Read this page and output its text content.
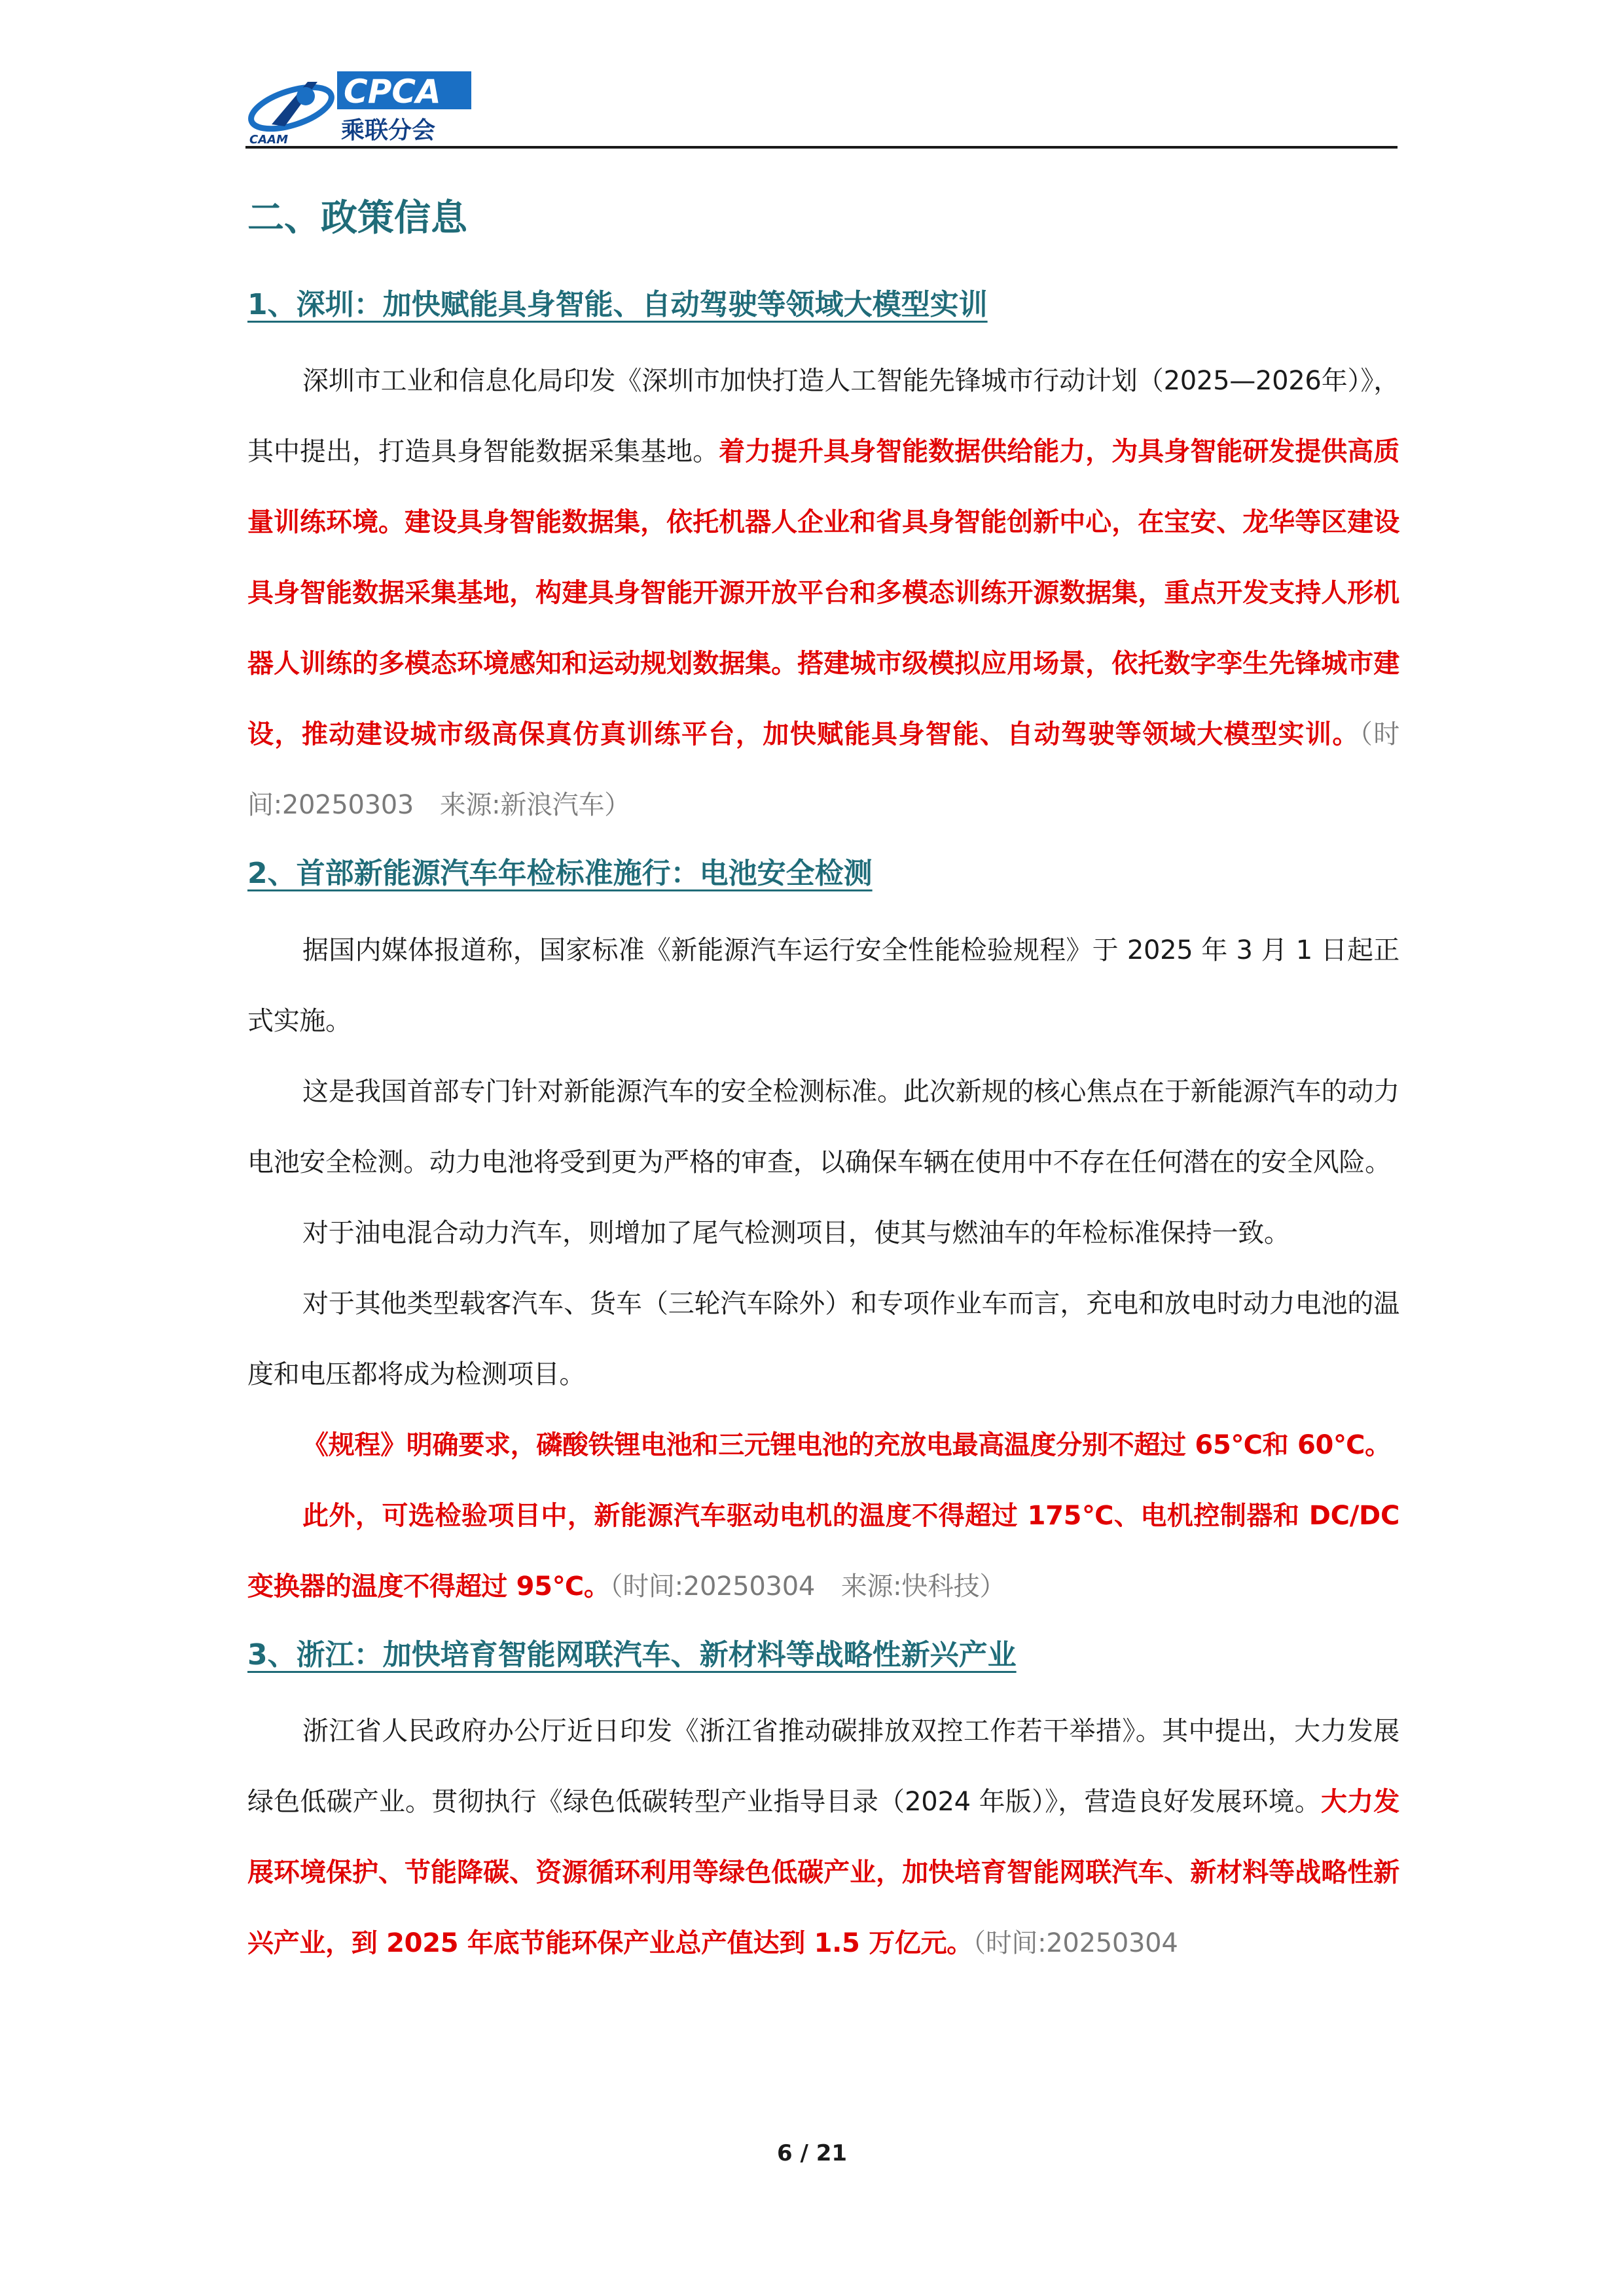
CAAM
CPCA
乘联分会
二、政策信息
1、深圳：加快赋能具身智能、自动驾驶等领域大模型实训

深圳市工业和信息化局印发《深圳市加快打造人工智能先锋城市行动计划（2025—2026年）》，其中提出，打造具身智能数据采集基地。着力提升具身智能数据供给能力，为具身智能研发提供高质量训练环境。建设具身智能数据集，依托机器人企业和省具身智能创新中心，在宝安、龙华等区建设具身智能数据采集基地，构建具身智能开源开放平台和多模态训练开源数据集，重点开发支持人形机器人训练的多模态环境感知和运动规划数据集。搭建城市级模拟应用场景，依托数字孪生先锋城市建设，推动建设城市级高保真仿真训练平台，加快赋能具身智能、自动驾驶等领域大模型实训。（时间:20250303　来源:新浪汽车）

2、首部新能源汽车年检标准施行：电池安全检测

据国内媒体报道称，国家标准《新能源汽车运行安全性能检验规程》于 2025 年 3 月 1 日起正式实施。

这是我国首部专门针对新能源汽车的安全检测标准。此次新规的核心焦点在于新能源汽车的动力电池安全检测。动力电池将受到更为严格的审查，以确保车辆在使用中不存在任何潜在的安全风险。

对于油电混合动力汽车，则增加了尾气检测项目，使其与燃油车的年检标准保持一致。

对于其他类型载客汽车、货车（三轮汽车除外）和专项作业车而言，充电和放电时动力电池的温度和电压都将成为检测项目。

《规程》明确要求，磷酸铁锂电池和三元锂电池的充放电最高温度分别不超过 65℃和 60℃。

此外，可选检验项目中，新能源汽车驱动电机的温度不得超过 175℃、电机控制器和 DC/DC 变换器的温度不得超过 95℃。（时间:20250304　来源:快科技）

3、浙江：加快培育智能网联汽车、新材料等战略性新兴产业

浙江省人民政府办公厅近日印发《浙江省推动碳排放双控工作若干举措》。其中提出，大力发展绿色低碳产业。贯彻执行《绿色低碳转型产业指导目录（2024 年版）》，营造良好发展环境。大力发展环境保护、节能降碳、资源循环利用等绿色低碳产业，加快培育智能网联汽车、新材料等战略性新兴产业，到 2025 年底节能环保产业总产值达到 1.5 万亿元。（时间:20250304

6 / 21
